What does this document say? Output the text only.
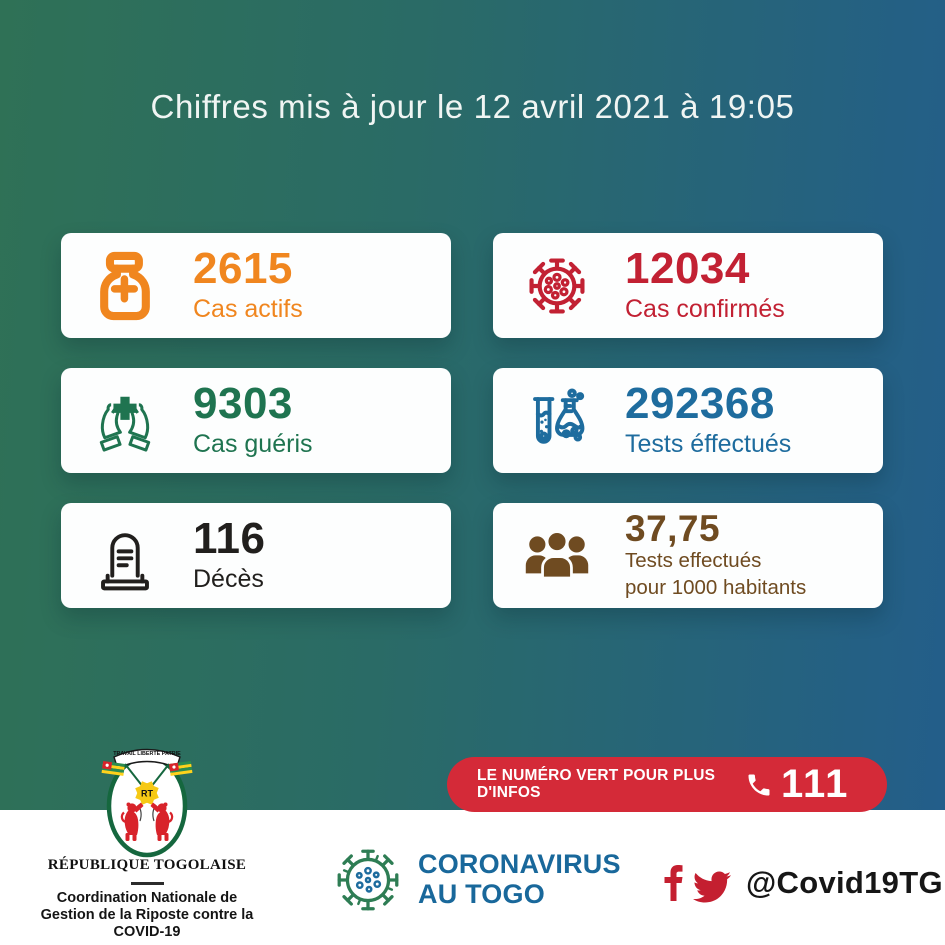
Chiffres mis à jour le 12 avril 2021 à 19:05
2615
Cas actifs
12034
Cas confirmés
9303
Cas guéris
292368
Tests éffectués
116
Décès
37,75
Tests effectués
pour 1000 habitants
TRAVAIL LIBERTÉ PATRIE
RT
RÉPUBLIQUE TOGOLAISE
Coordination Nationale de
Gestion de la Riposte contre la
COVID-19
LE NUMÉRO VERT POUR PLUS D'INFOS	111
CORONAVIRUS
AU TOGO	@Covid19TG
